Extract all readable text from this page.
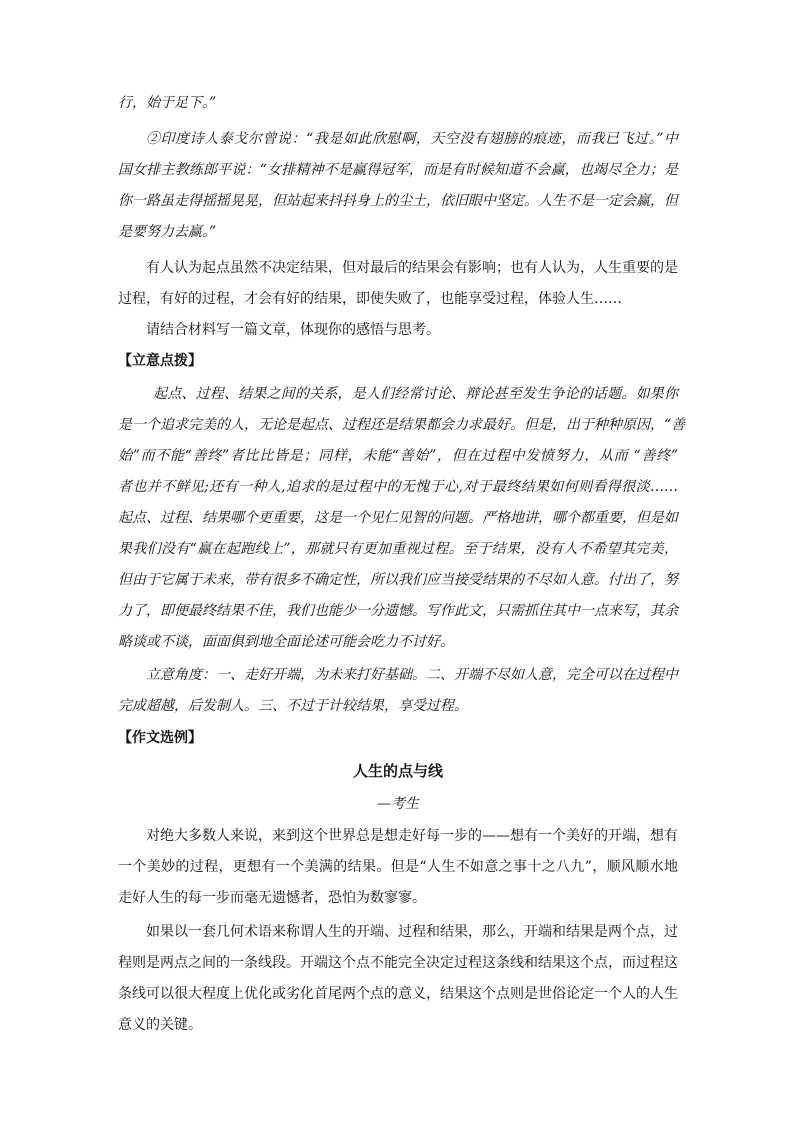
行，始于足下。”
②印度诗人泰戈尔曾说：“我是如此欣慰啊，天空没有翅膀的痕迹，而我已飞过。”中
国女排主教练郎平说：“女排精神不是赢得冠军，而是有时候知道不会赢，也竭尽全力；是
你一路虽走得摇摇晃晃，但站起来抖抖身上的尘土，依旧眼中坚定。人生不是一定会赢，但
是要努力去赢。”
有人认为起点虽然不决定结果，但对最后的结果会有影响；也有人认为，人生重要的是
过程，有好的过程，才会有好的结果，即使失败了，也能享受过程，体验人生……
请结合材料写一篇文章，体现你的感悟与思考。
【立意点拨】
起点、过程、结果之间的关系，是人们经常讨论、辩论甚至发生争论的话题。如果你
是一个追求完美的人，无论是起点、过程还是结果都会力求最好。但是，出于种种原因，“善
始”而不能“善终”者比比皆是；同样，未能“善始”，但在过程中发愤努力，从而 “善终”
者也并不鲜见;还有一种人,追求的是过程中的无愧于心,对于最终结果如何则看得很淡……
起点、过程、结果哪个更重要，这是一个见仁见智的问题。严格地讲，哪个都重要，但是如
果我们没有“赢在起跑线上”，那就只有更加重视过程。至于结果，没有人不希望其完美，
但由于它属于未来，带有很多不确定性，所以我们应当接受结果的不尽如人意。付出了，努
力了，即便最终结果不佳，我们也能少一分遗憾。写作此文，只需抓住其中一点来写，其余
略谈或不谈，面面俱到地全面论述可能会吃力不讨好。
立意角度：一、走好开端，为未来打好基础。二、开端不尽如人意，完全可以在过程中
完成超越，后发制人。三、不过于计较结果，享受过程。
【作文选例】
人生的点与线
—考生
对绝大多数人来说，来到这个世界总是想走好每一步的——想有一个美好的开端，想有
一个美妙的过程，更想有一个美满的结果。但是“人生不如意之事十之八九”，顺风顺水地
走好人生的每一步而毫无遗憾者，恐怕为数寥寥。
如果以一套几何术语来称谓人生的开端、过程和结果，那么，开端和结果是两个点，过
程则是两点之间的一条线段。开端这个点不能完全决定过程这条线和结果这个点，而过程这
条线可以很大程度上优化或劣化首尾两个点的意义，结果这个点则是世俗论定一个人的人生
意义的关键。
